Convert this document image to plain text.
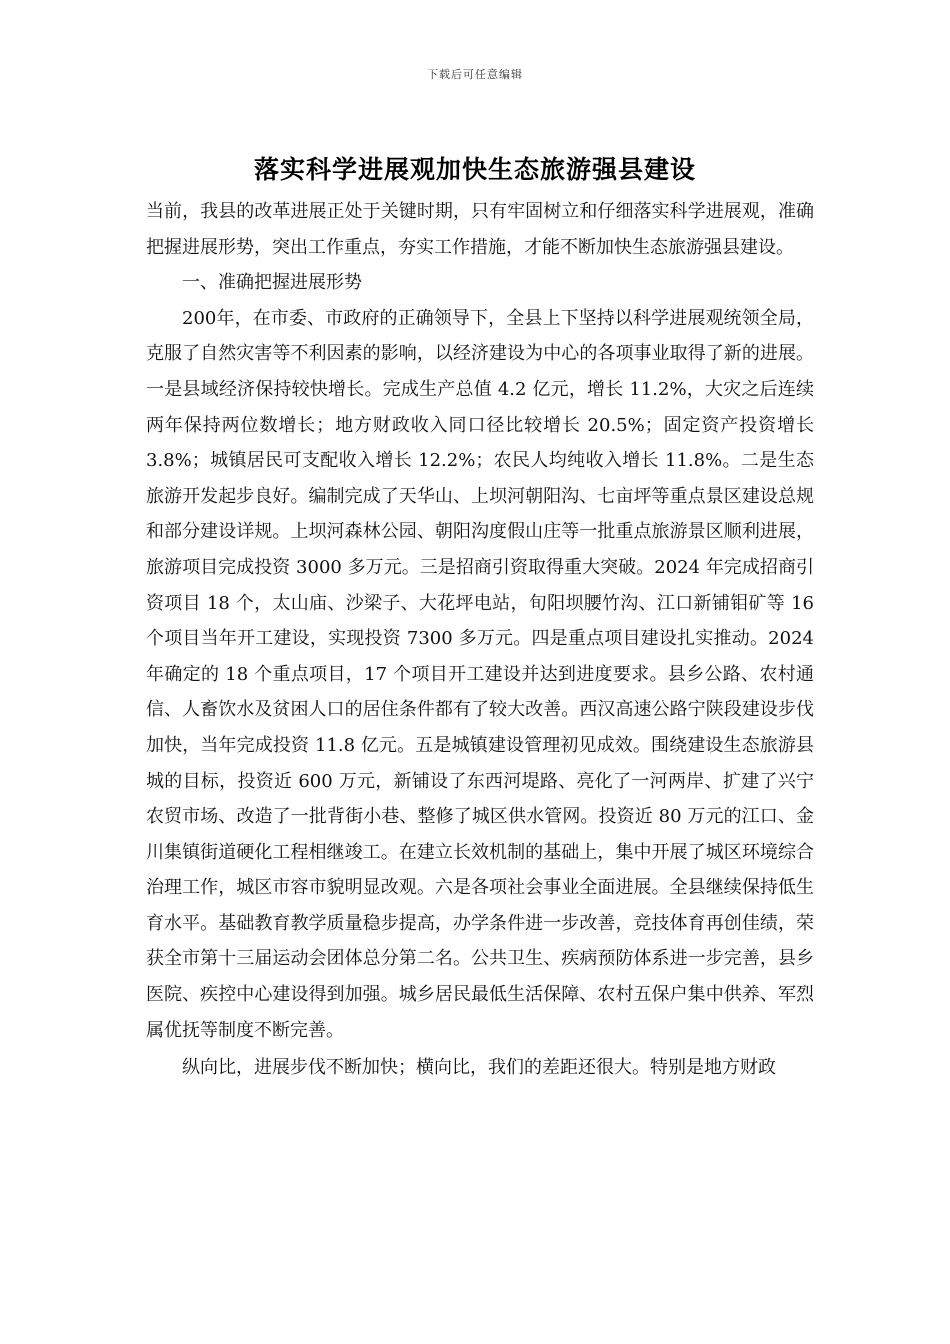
下载后可任意编辑
落实科学进展观加快生态旅游强县建设

当前，我县的改革进展正处于关键时期，只有牢固树立和仔细落实科学进展观，准确把握进展形势，突出工作重点，夯实工作措施，才能不断加快生态旅游强县建设。

一、准确把握进展形势

200年，在市委、市政府的正确领导下，全县上下坚持以科学进展观统领全局，克服了自然灾害等不利因素的影响，以经济建设为中心的各项事业取得了新的进展。一是县域经济保持较快增长。完成生产总值 4.2 亿元，增长 11.2%，大灾之后连续两年保持两位数增长；地方财政收入同口径比较增长 20.5%；固定资产投资增长 3.8%；城镇居民可支配收入增长 12.2%；农民人均纯收入增长 11.8%。二是生态旅游开发起步良好。编制完成了天华山、上坝河朝阳沟、七亩坪等重点景区建设总规和部分建设详规。上坝河森林公园、朝阳沟度假山庄等一批重点旅游景区顺利进展，旅游项目完成投资 3000 多万元。三是招商引资取得重大突破。2024 年完成招商引资项目 18 个，太山庙、沙梁子、大花坪电站，旬阳坝腰竹沟、江口新铺钼矿等 16 个项目当年开工建设，实现投资 7300 多万元。四是重点项目建设扎实推动。2024 年确定的 18 个重点项目，17 个项目开工建设并达到进度要求。县乡公路、农村通信、人畜饮水及贫困人口的居住条件都有了较大改善。西汉高速公路宁陕段建设步伐加快，当年完成投资 11.8 亿元。五是城镇建设管理初见成效。围绕建设生态旅游县城的目标，投资近 600 万元，新铺设了东西河堤路、亮化了一河两岸、扩建了兴宁农贸市场、改造了一批背街小巷、整修了城区供水管网。投资近 80 万元的江口、金川集镇街道硬化工程相继竣工。在建立长效机制的基础上，集中开展了城区环境综合治理工作，城区市容市貌明显改观。六是各项社会事业全面进展。全县继续保持低生育水平。基础教育教学质量稳步提高，办学条件进一步改善，竞技体育再创佳绩，荣获全市第十三届运动会团体总分第二名。公共卫生、疾病预防体系进一步完善，县乡医院、疾控中心建设得到加强。城乡居民最低生活保障、农村五保户集中供养、军烈属优抚等制度不断完善。

纵向比，进展步伐不断加快；横向比，我们的差距还很大。特别是地方财政
